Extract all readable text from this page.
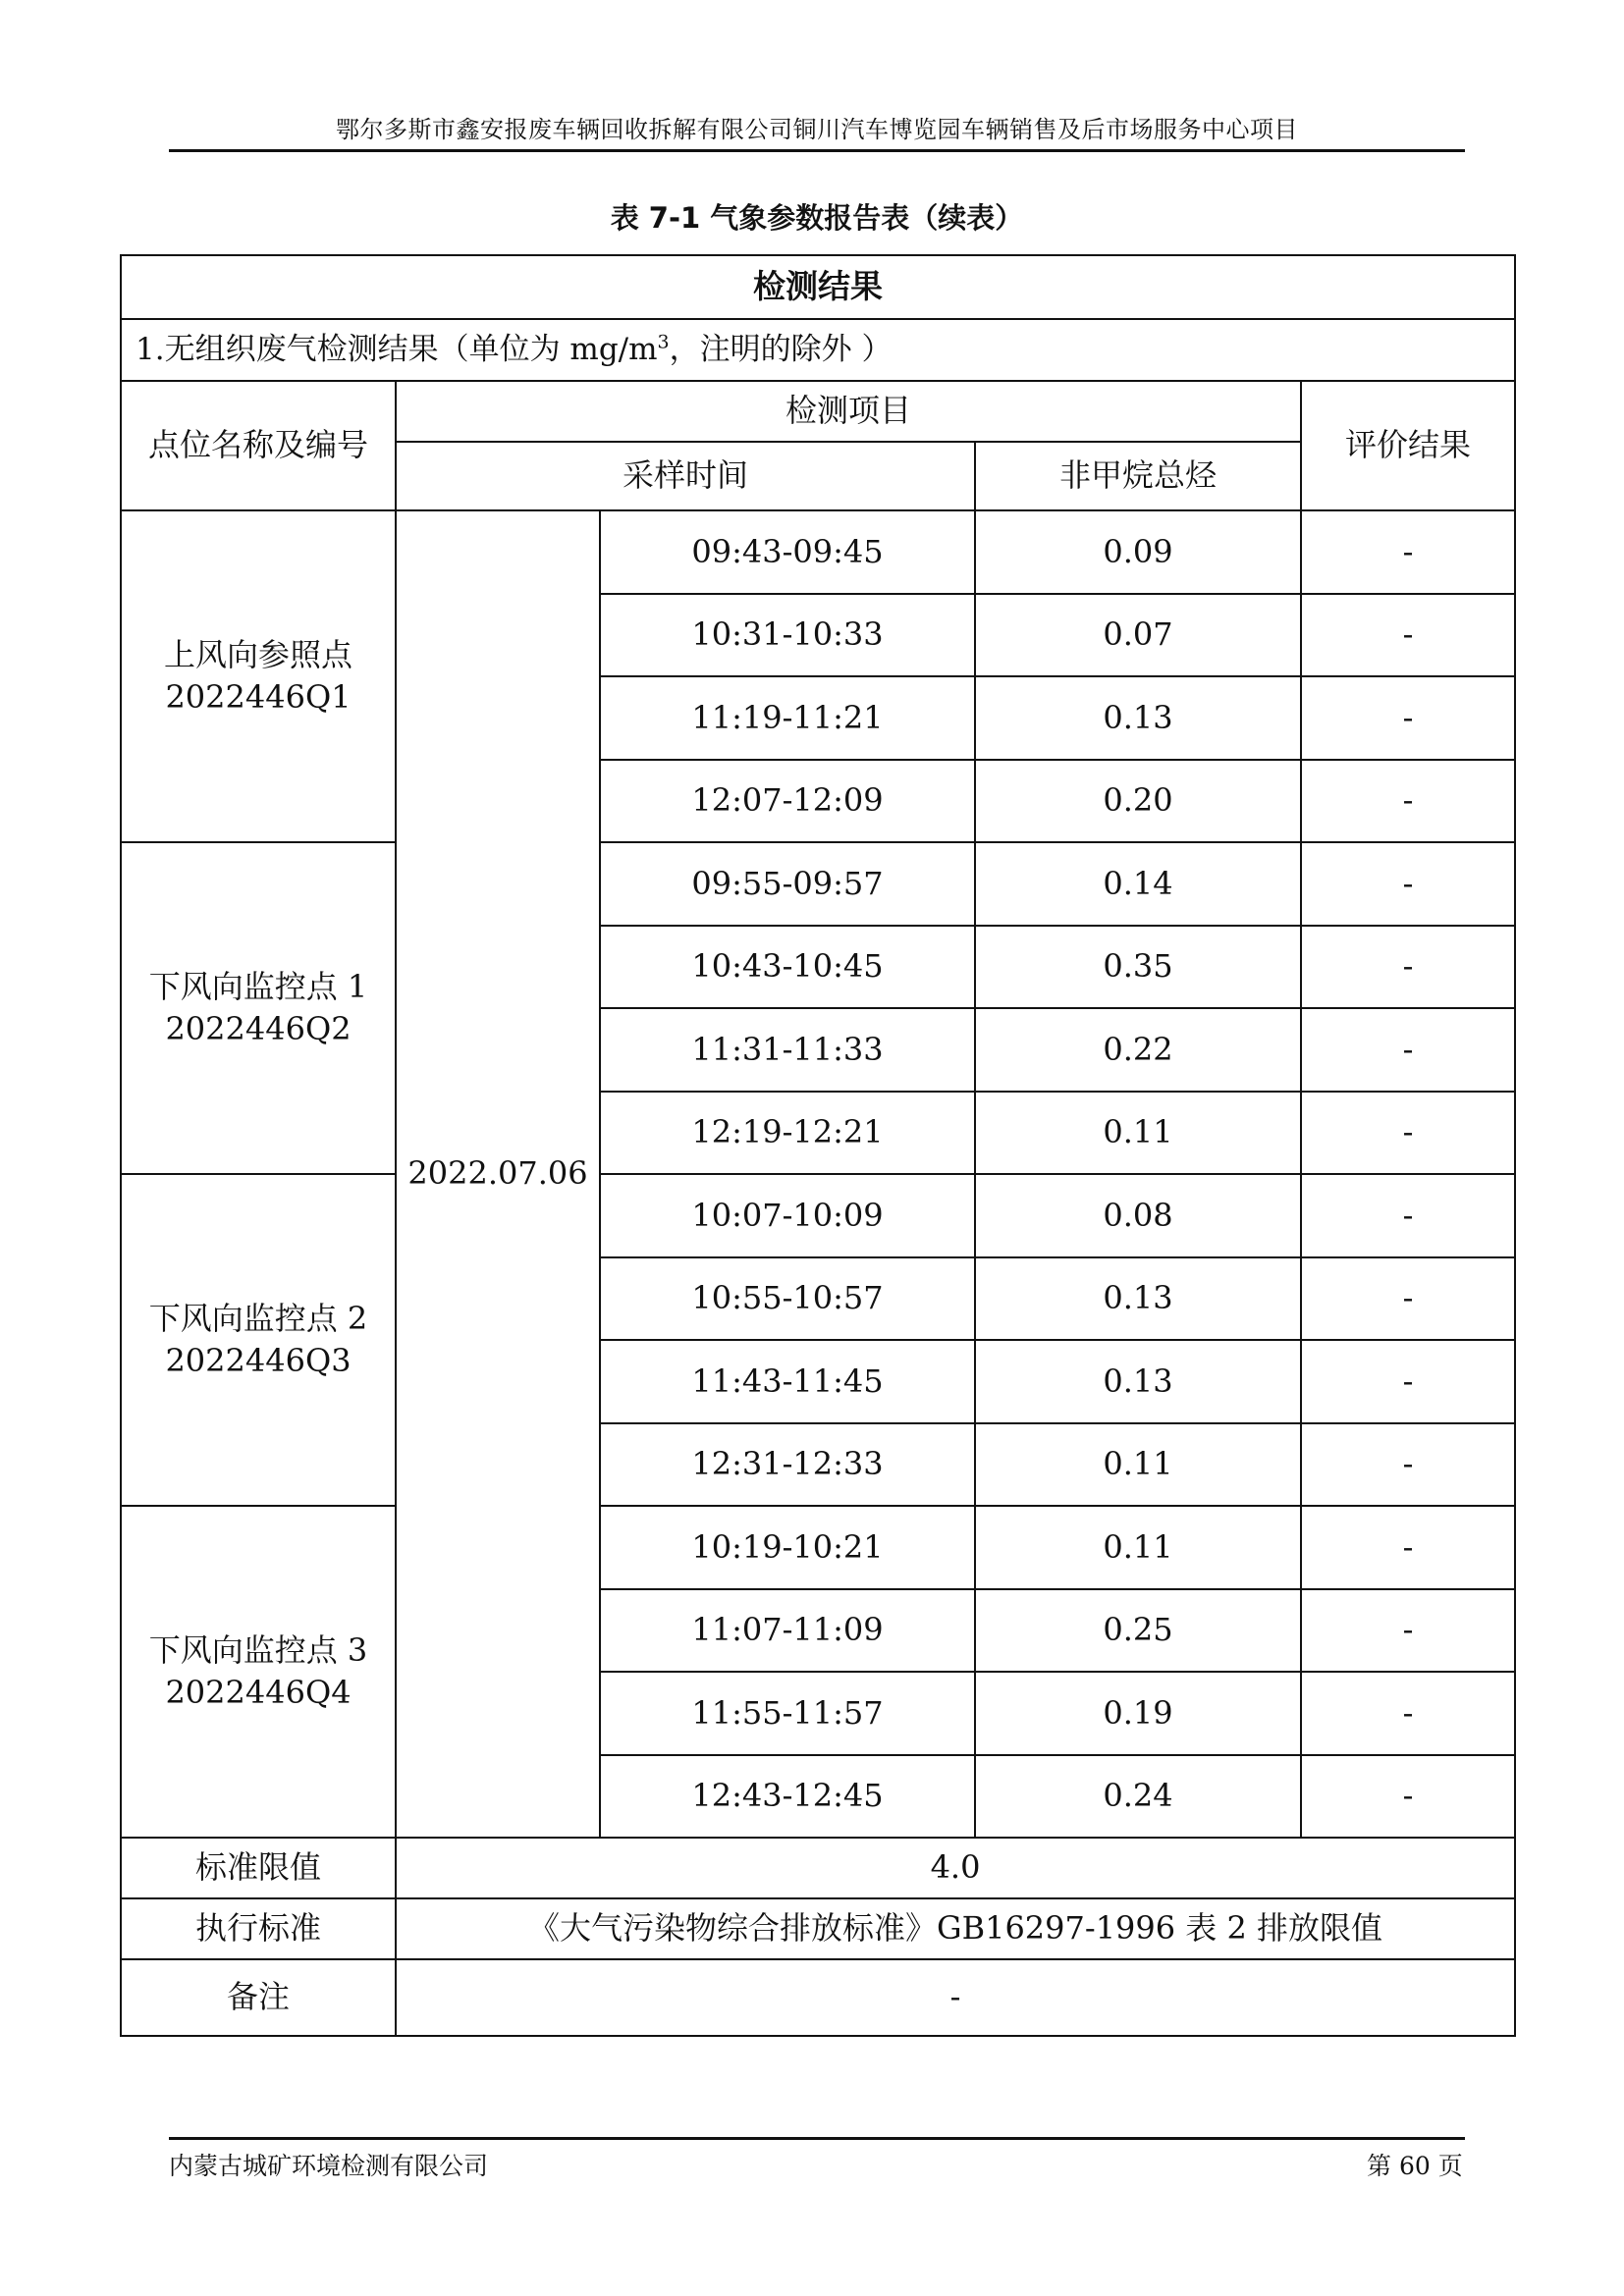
鄂尔多斯市鑫安报废车辆回收拆解有限公司铜川汽车博览园车辆销售及后市场服务中心项目
表 7-1 气象参数报告表（续表）
检测结果				
1.无组织废气检测结果（单位为 $mg/m^3$，注明的除外 ）				
点位名称及编号	检测项目			评价结果
	采样时间		非甲烷总烃	

上风向参照点
2022446Q1	2022.07.06	09:43-09:45	0.09	-
		10:31-10:33	0.07	-
		11:19-11:21	0.13	-
		12:07-12:09	0.20	-

下风向监控点 1
2022446Q2		09:55-09:57	0.14	-
		10:43-10:45	0.35	-
		11:31-11:33	0.22	-
		12:19-12:21	0.11	-

下风向监控点 2
2022446Q3		10:07-10:09	0.08	-
		10:55-10:57	0.13	-
		11:43-11:45	0.13	-
		12:31-12:33	0.11	-

下风向监控点 3
2022446Q4		10:19-10:21	0.11	-
		11:07-11:09	0.25	-
		11:55-11:57	0.19	-
		12:43-12:45	0.24	-
标准限值	4.0			
执行标准	《大气污染物综合排放标准》GB16297-1996 表 2 排放限值			
备注	-			
内蒙古城矿环境检测有限公司	第 60 页
